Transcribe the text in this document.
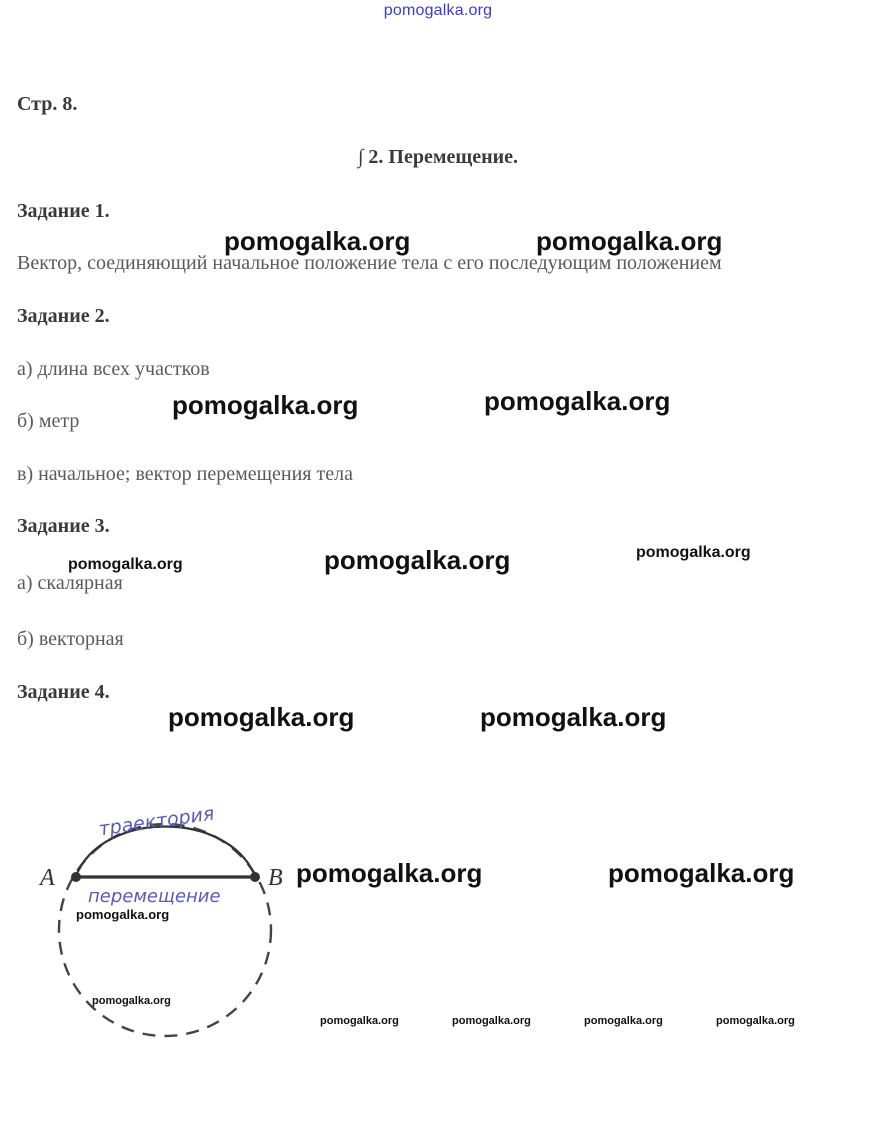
pomogalka.org
Стр. 8.
∫ 2. Перемещение.
Задание 1.
Вектор, соединяющий начальное положение тела с его последующим положением
Задание 2.
а) длина всех участков
б) метр
в) начальное; вектор перемещения тела
Задание 3.
а) скалярная
б) векторная
Задание 4.
A	B
траектория
перемещение
pomogalka.org	pomogalka.org
pomogalka.org	pomogalka.org
pomogalka.org	pomogalka.org	pomogalka.org
pomogalka.org	pomogalka.org
pomogalka.org	pomogalka.org
pomogalka.org
pomogalka.org
pomogalka.org	pomogalka.org	pomogalka.org	pomogalka.org
